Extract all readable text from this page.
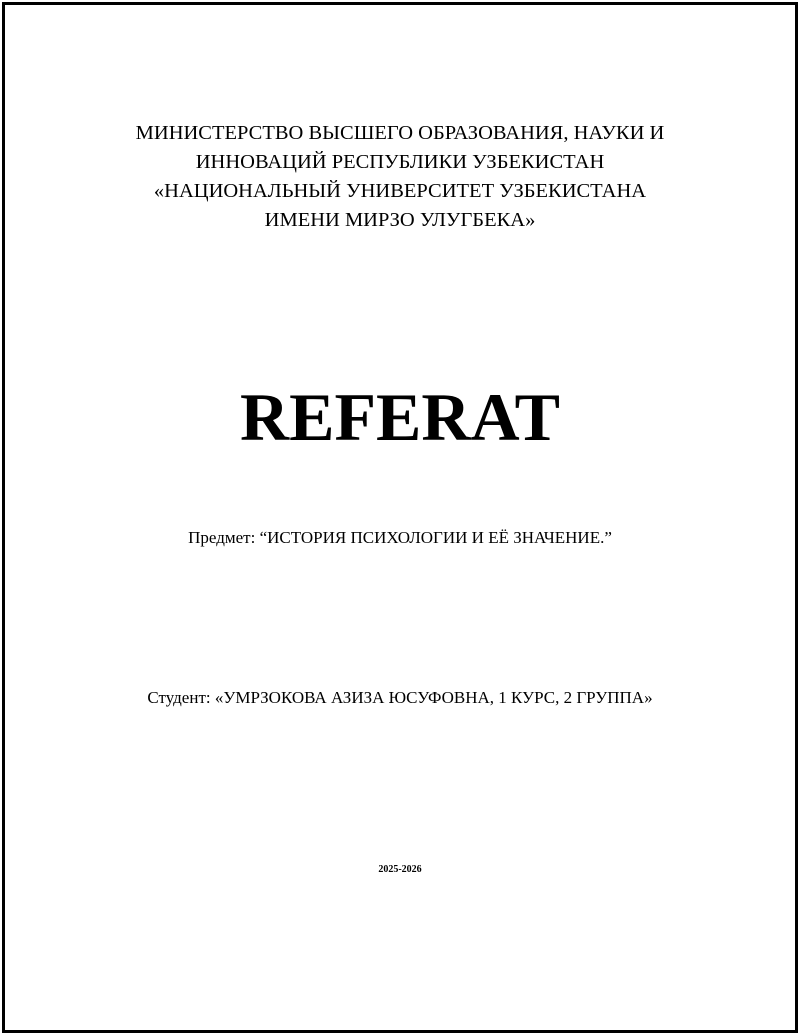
МИНИСТЕРСТВО ВЫСШЕГО ОБРАЗОВАНИЯ, НАУКИ И
ИННОВАЦИЙ РЕСПУБЛИКИ УЗБЕКИСТАН
«НАЦИОНАЛЬНЫЙ УНИВЕРСИТЕТ УЗБЕКИСТАНА
ИМЕНИ МИРЗО УЛУГБЕКА»
REFERAT
Предмет: “ИСТОРИЯ ПСИХОЛОГИИ И ЕЁ ЗНАЧЕНИЕ.”
Студент: «УМРЗОКОВА АЗИЗА ЮСУФОВНА, 1 КУРС, 2 ГРУППА»
2025-2026
